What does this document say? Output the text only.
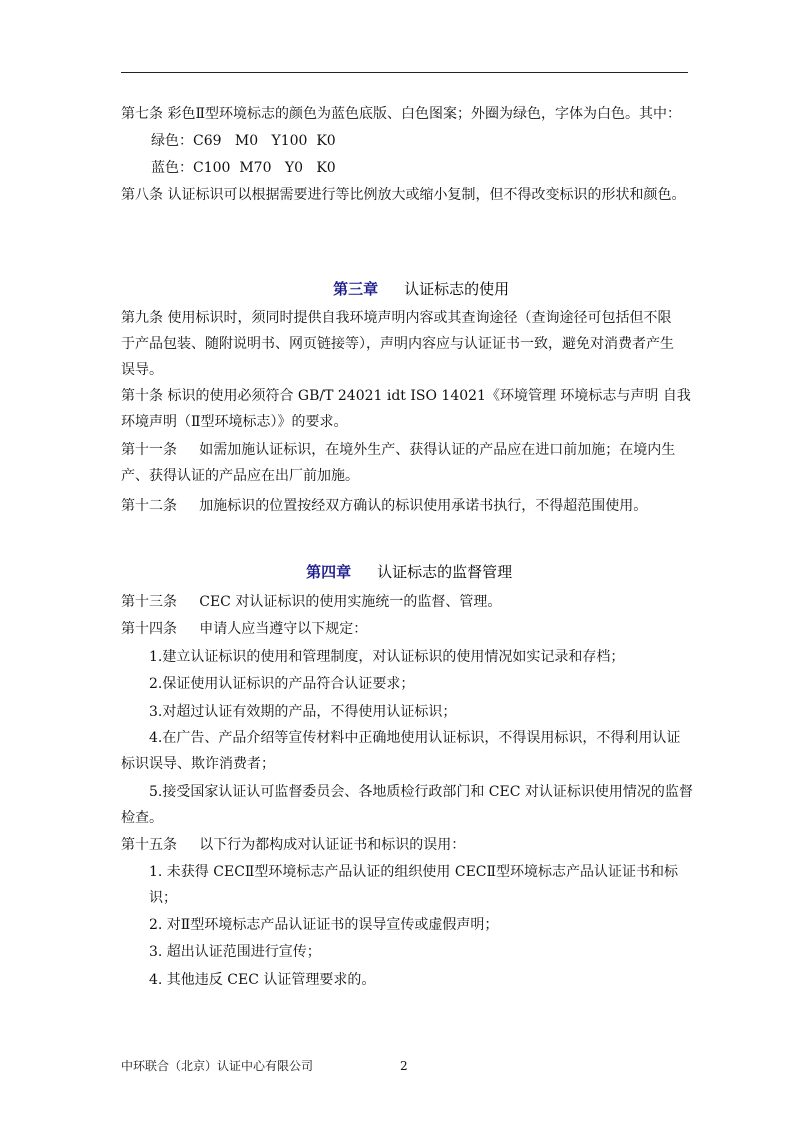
第七条 彩色Ⅱ型环境标志的颜色为蓝色底版、白色图案；外圈为绿色，字体为白色。其中：
绿色：C69   M0   Y100  K0
蓝色：C100  M70   Y0   K0
第八条 认证标识可以根据需要进行等比例放大或缩小复制，但不得改变标识的形状和颜色。

第三章 认证标志的使用

第九条 使用标识时，须同时提供自我环境声明内容或其查询途径（查询途径可包括但不限
于产品包装、随附说明书、网页链接等），声明内容应与认证证书一致，避免对消费者产生
误导。
第十条 标识的使用必须符合 GB/T 24021 idt ISO 14021《环境管理 环境标志与声明 自我
环境声明（Ⅱ型环境标志）》的要求。
第十一条     如需加施认证标识，在境外生产、获得认证的产品应在进口前加施；在境内生
产、获得认证的产品应在出厂前加施。
第十二条     加施标识的位置按经双方确认的标识使用承诺书执行，不得超范围使用。

第四章 认证标志的监督管理

第十三条     CEC 对认证标识的使用实施统一的监督、管理。
第十四条     申请人应当遵守以下规定：
1.建立认证标识的使用和管理制度，对认证标识的使用情况如实记录和存档；
2.保证使用认证标识的产品符合认证要求；
3.对超过认证有效期的产品，不得使用认证标识；
4.在广告、产品介绍等宣传材料中正确地使用认证标识，不得误用标识，不得利用认证
标识误导、欺诈消费者；
5.接受国家认证认可监督委员会、各地质检行政部门和 CEC 对认证标识使用情况的监督
检查。
第十五条     以下行为都构成对认证证书和标识的误用：
1. 未获得 CECⅡ型环境标志产品认证的组织使用 CECⅡ型环境标志产品认证证书和标
识；
2. 对Ⅱ型环境标志产品认证证书的误导宣传或虚假声明；
3. 超出认证范围进行宣传；
4. 其他违反 CEC 认证管理要求的。
中环联合（北京）认证中心有限公司	2
